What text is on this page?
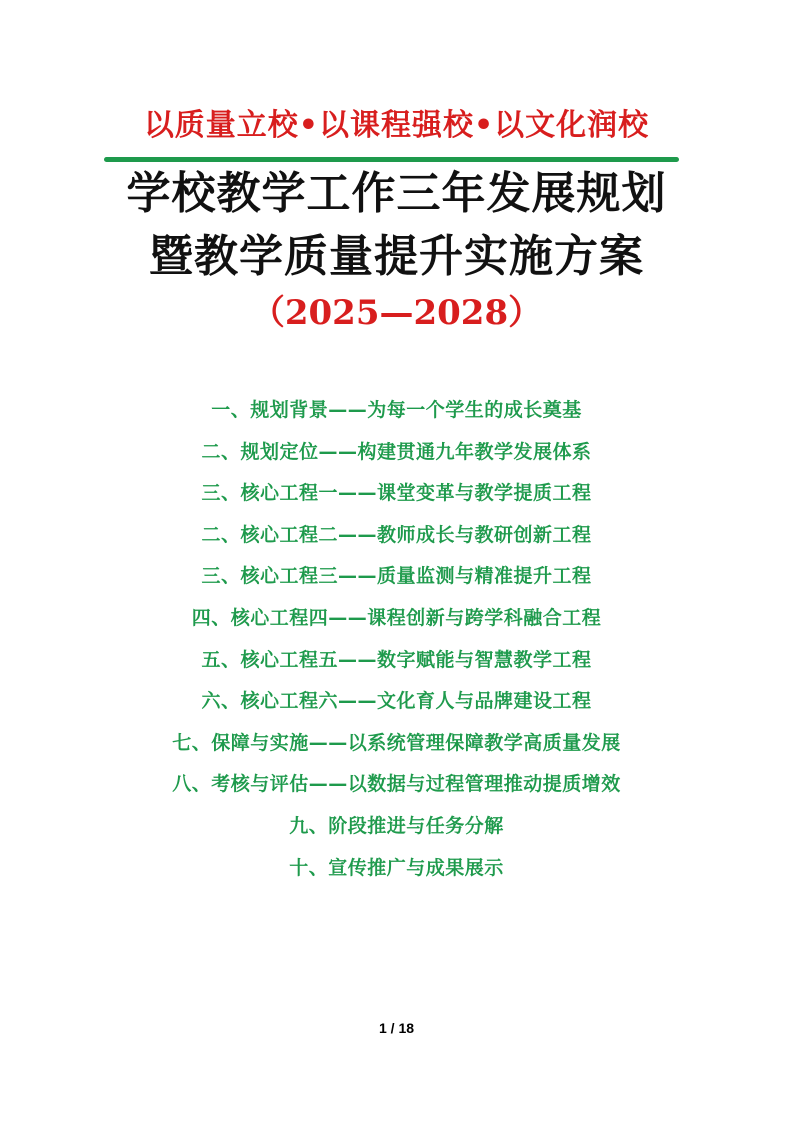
以质量立校•以课程强校•以文化润校
学校教学工作三年发展规划
暨教学质量提升实施方案
（2025—2028）
一、规划背景——为每一个学生的成长奠基
二、规划定位——构建贯通九年教学发展体系
三、核心工程一——课堂变革与教学提质工程
二、核心工程二——教师成长与教研创新工程
三、核心工程三——质量监测与精准提升工程
四、核心工程四——课程创新与跨学科融合工程
五、核心工程五——数字赋能与智慧教学工程
六、核心工程六——文化育人与品牌建设工程
七、保障与实施——以系统管理保障教学高质量发展
八、考核与评估——以数据与过程管理推动提质增效
九、阶段推进与任务分解
十、宣传推广与成果展示
1 / 18
